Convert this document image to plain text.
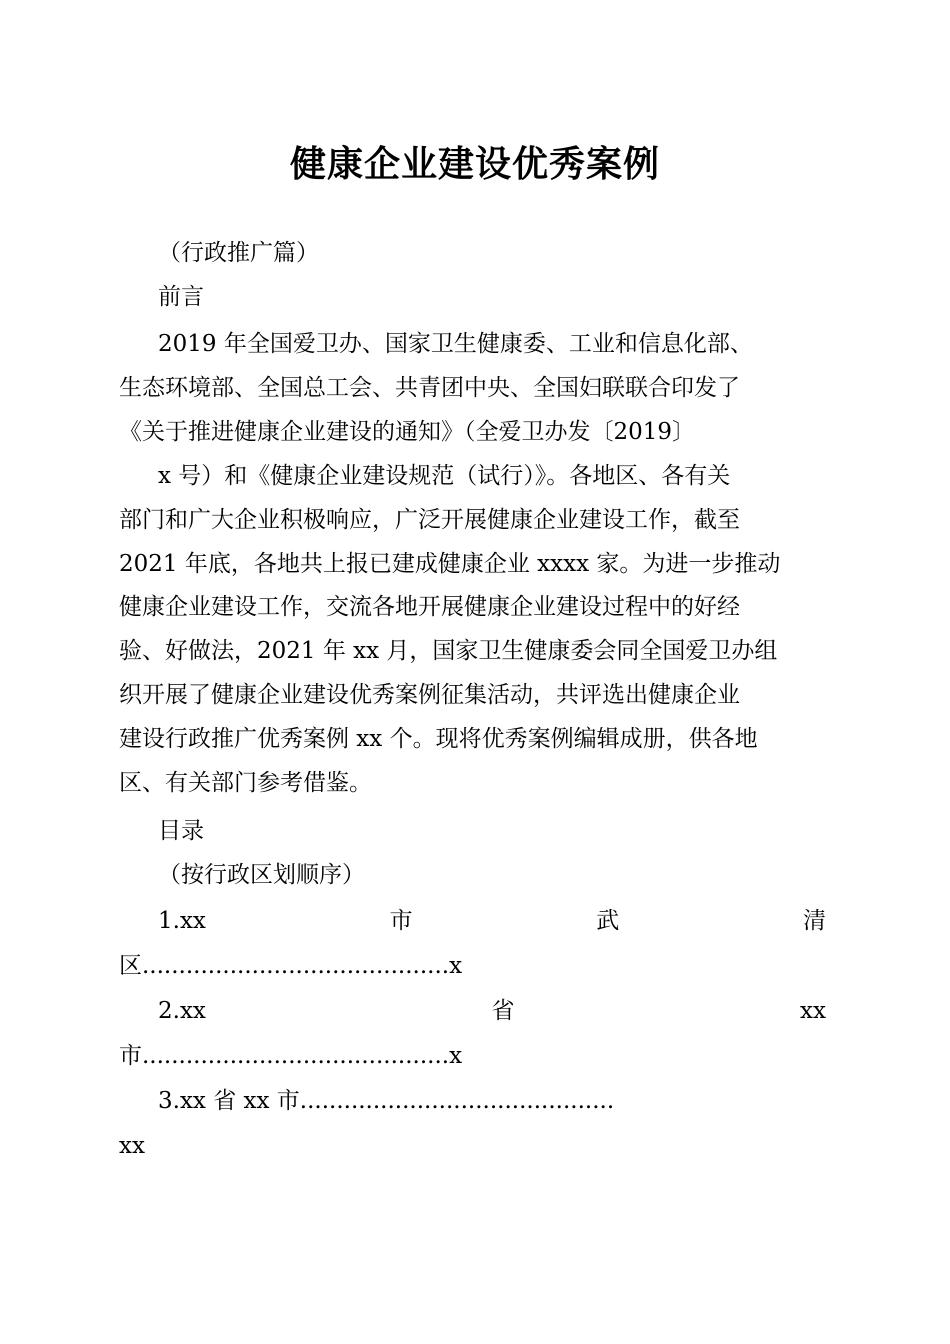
健康企业建设优秀案例
（行政推广篇）
前言
2019 年全国爱卫办、国家卫生健康委、工业和信息化部、
生态环境部、全国总工会、共青团中央、全国妇联联合印发了
《关于推进健康企业建设的通知》（全爱卫办发〔2019〕
x 号）和《健康企业建设规范（试行）》。各地区、各有关
部门和广大企业积极响应，广泛开展健康企业建设工作，截至
2021 年底，各地共上报已建成健康企业 xxxx 家。为进一步推动
健康企业建设工作，交流各地开展健康企业建设过程中的好经
验、好做法，2021 年 xx 月，国家卫生健康委会同全国爱卫办组
织开展了健康企业建设优秀案例征集活动，共评选出健康企业
建设行政推广优秀案例 xx 个。现将优秀案例编辑成册，供各地
区、有关部门参考借鉴。
目录
（按行政区划顺序）
1.xx	市	武	清
区..........................................x
2.xx	省	xx
市..........................................x
3.xx 省 xx 市...........................................
xx
